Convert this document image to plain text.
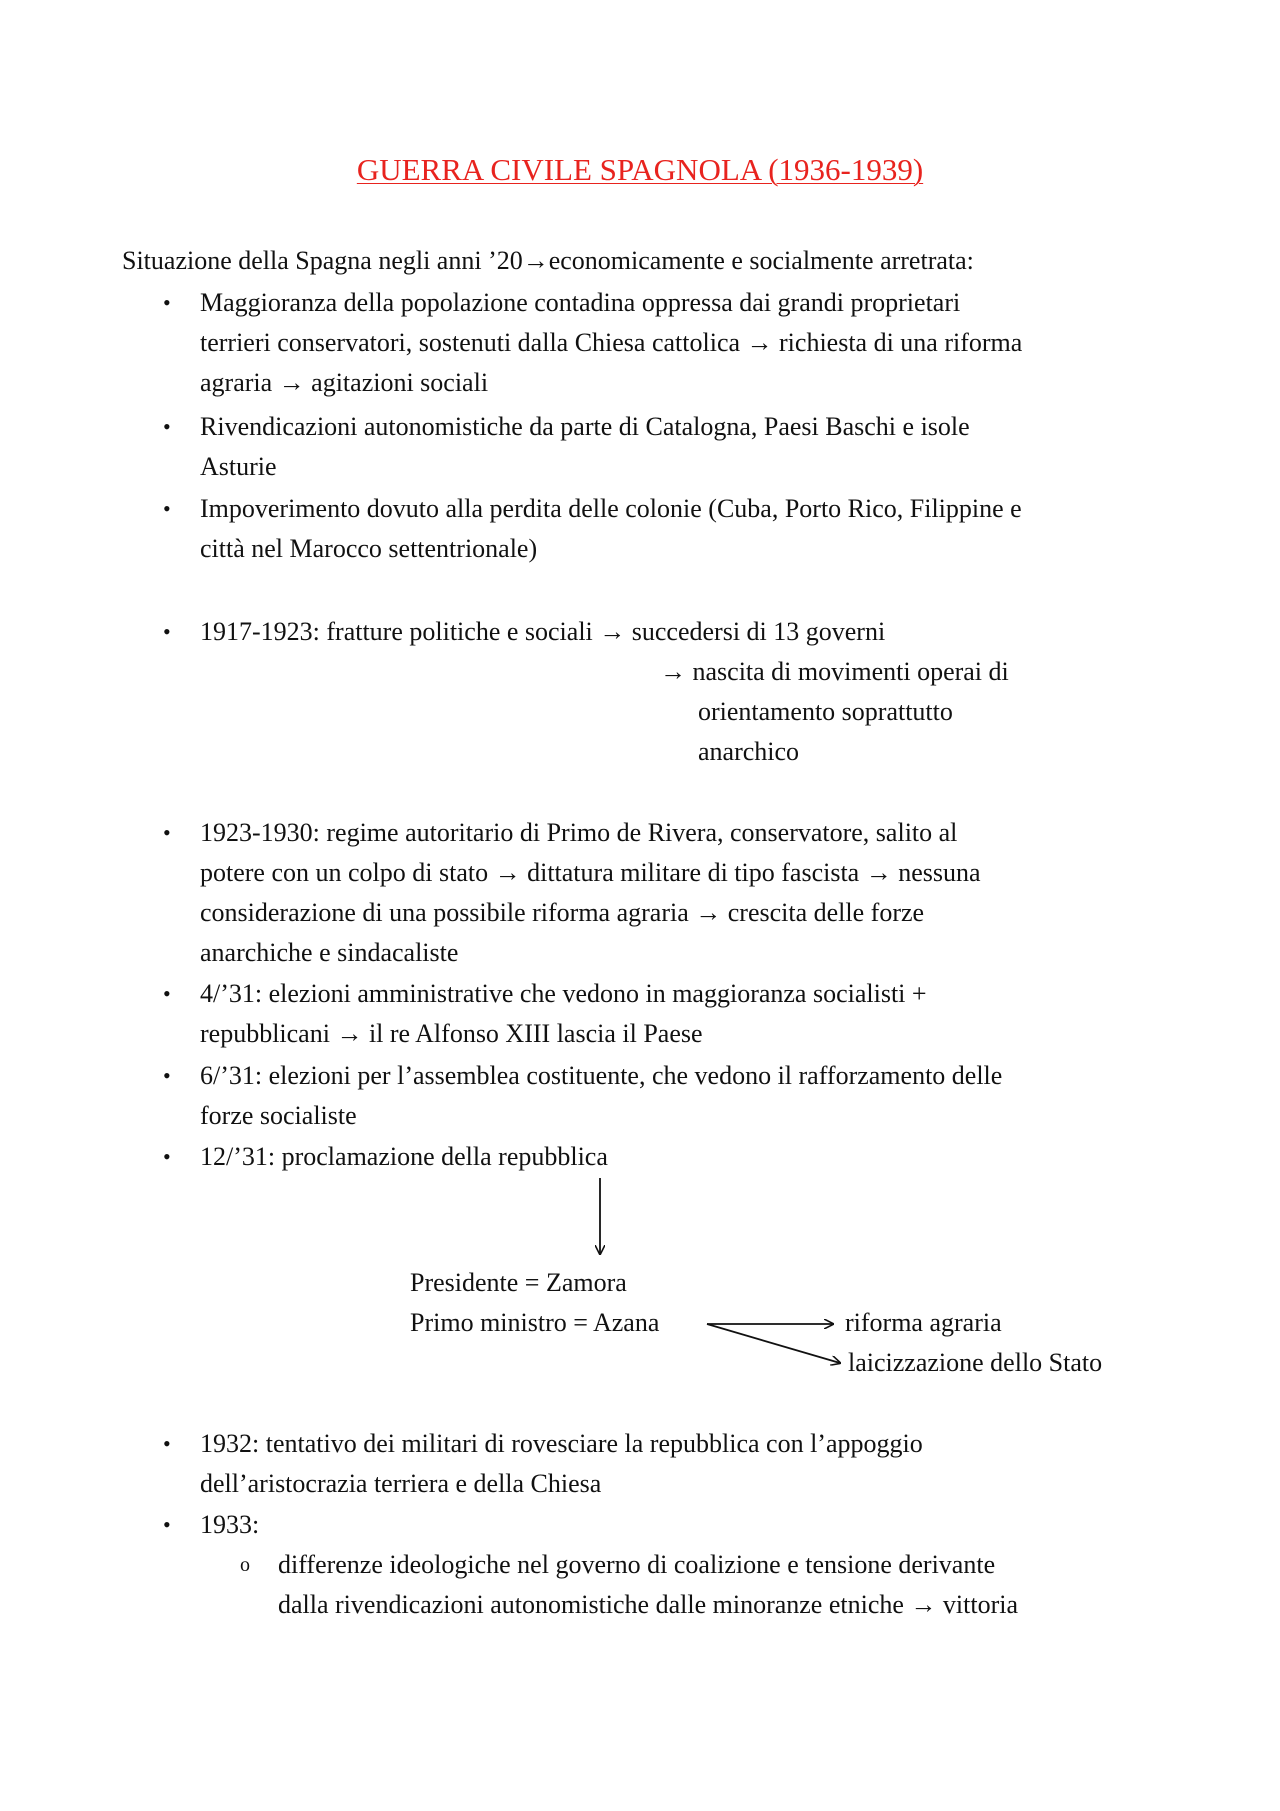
GUERRA CIVILE SPAGNOLA (1936-1939)
Situazione della Spagna negli anni ’20→economicamente e socialmente arretrata:
• Maggioranza della popolazione contadina oppressa dai grandi proprietari
terrieri conservatori, sostenuti dalla Chiesa cattolica → richiesta di una riforma
agraria → agitazioni sociali
• Rivendicazioni autonomistiche da parte di Catalogna, Paesi Baschi e isole
Asturie
• Impoverimento dovuto alla perdita delle colonie (Cuba, Porto Rico, Filippine e
città nel Marocco settentrionale)
• 1917-1923: fratture politiche e sociali → succedersi di 13 governi
→ nascita di movimenti operai di
orientamento soprattutto
anarchico
• 1923-1930: regime autoritario di Primo de Rivera, conservatore, salito al
potere con un colpo di stato → dittatura militare di tipo fascista → nessuna
considerazione di una possibile riforma agraria → crescita delle forze
anarchiche e sindacaliste
• 4/’31: elezioni amministrative che vedono in maggioranza socialisti +
repubblicani → il re Alfonso XIII lascia il Paese
• 6/’31: elezioni per l’assemblea costituente, che vedono il rafforzamento delle
forze socialiste
• 12/’31: proclamazione della repubblica
Presidente = Zamora
Primo ministro = Azana	riforma agraria
laicizzazione dello Stato
• 1932: tentativo dei militari di rovesciare la repubblica con l’appoggio
dell’aristocrazia terriera e della Chiesa
• 1933:
o differenze ideologiche nel governo di coalizione e tensione derivante
dalla rivendicazioni autonomistiche dalle minoranze etniche → vittoria
